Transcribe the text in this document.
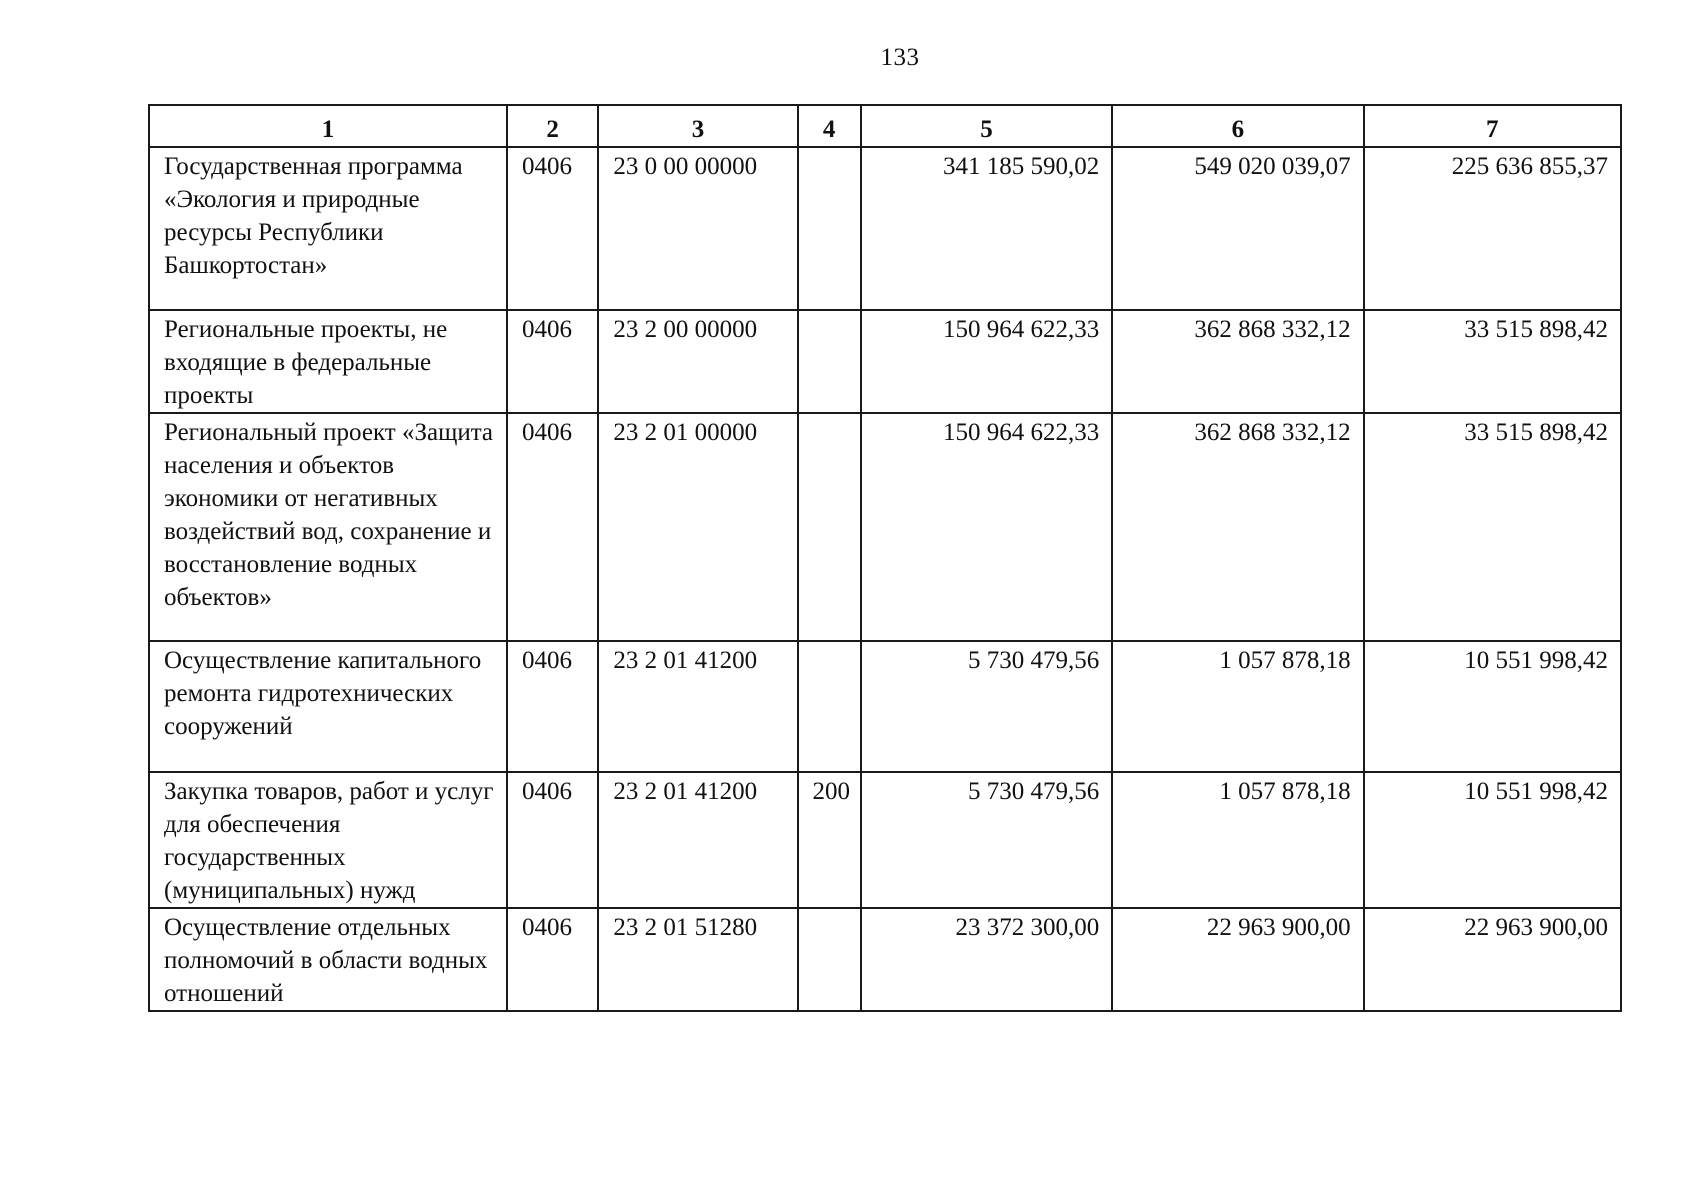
133
1	2	3	4	5	6	7
Государственная программа «Экология и природные ресурсы Республики Башкортостан»	0406	23 0 00 00000		341 185 590,02	549 020 039,07	225 636 855,37
Региональные проекты, не входящие в федеральные проекты	0406	23 2 00 00000		150 964 622,33	362 868 332,12	33 515 898,42
Региональный проект «Защита населения и объектов экономики от негативных воздействий вод, сохранение и восстановление водных объектов»	0406	23 2 01 00000		150 964 622,33	362 868 332,12	33 515 898,42
Осуществление капитального ремонта гидротехнических сооружений	0406	23 2 01 41200		5 730 479,56	1 057 878,18	10 551 998,42
Закупка товаров, работ и услуг для обеспечения государственных (муниципальных) нужд	0406	23 2 01 41200	200	5 730 479,56	1 057 878,18	10 551 998,42
Осуществление отдельных полномочий в области водных отношений	0406	23 2 01 51280		23 372 300,00	22 963 900,00	22 963 900,00
